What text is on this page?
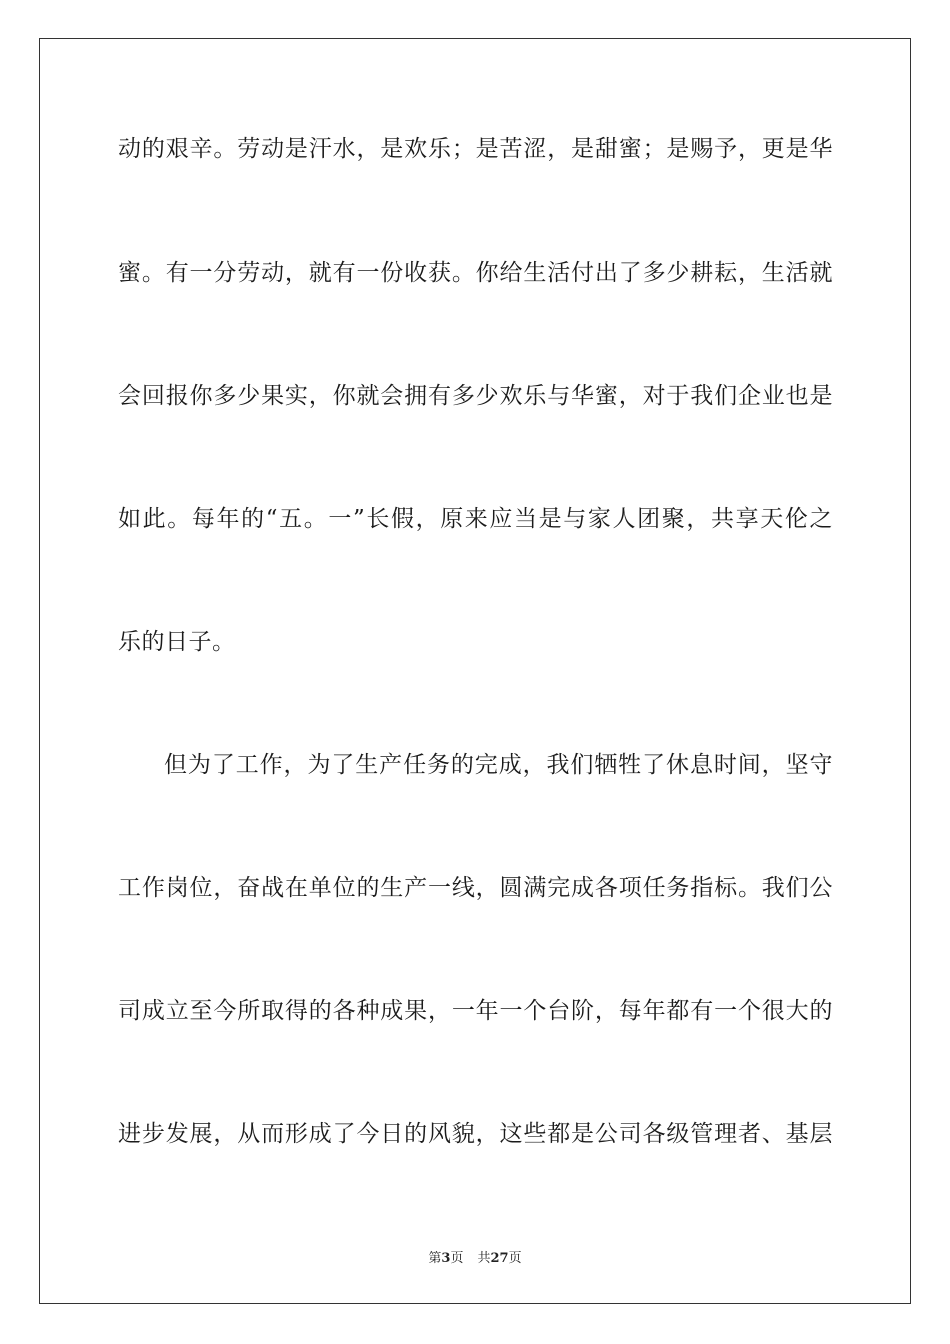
动的艰辛。劳动是汗水，是欢乐；是苦涩，是甜蜜；是赐予，更是华
蜜。有一分劳动，就有一份收获。你给生活付出了多少耕耘，生活就
会回报你多少果实，你就会拥有多少欢乐与华蜜，对于我们企业也是
如此。每年的“五。一”长假，原来应当是与家人团聚，共享天伦之
乐的日子。
但为了工作，为了生产任务的完成，我们牺牲了休息时间，坚守
工作岗位，奋战在单位的生产一线，圆满完成各项任务指标。我们公
司成立至今所取得的各种成果，一年一个台阶，每年都有一个很大的
进步发展，从而形成了今日的风貌，这些都是公司各级管理者、基层
第3页 共27页
